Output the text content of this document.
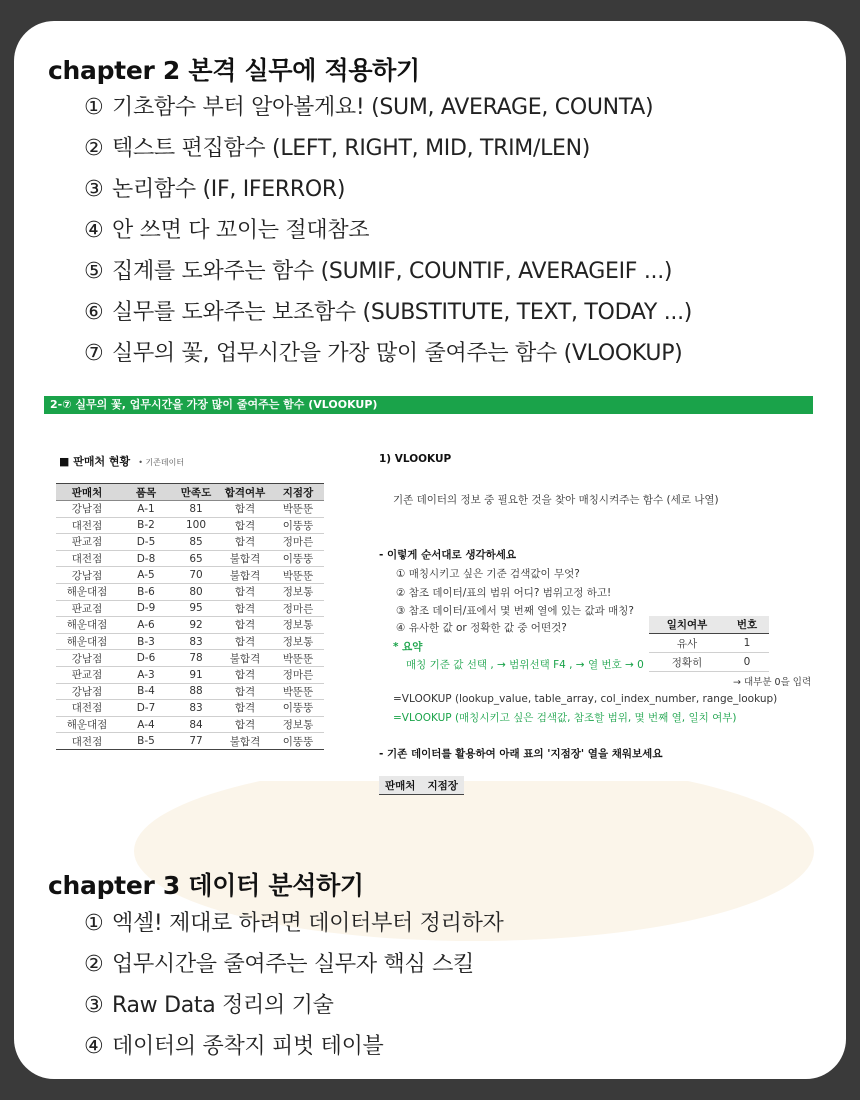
chapter 2 본격 실무에 적용하기
① 기초함수 부터 알아볼게요! (SUM, AVERAGE, COUNTA)
② 텍스트 편집함수 (LEFT, RIGHT, MID, TRIM/LEN)
③ 논리함수 (IF, IFERROR)
④ 안 쓰면 다 꼬이는 절대참조
⑤ 집계를 도와주는 함수 (SUMIF, COUNTIF, AVERAGEIF ...)
⑥ 실무를 도와주는 보조함수 (SUBSTITUTE, TEXT, TODAY ...)
⑦ 실무의 꽃, 업무시간을 가장 많이 줄여주는 함수 (VLOOKUP)
2-⑦ 실무의 꽃, 업무시간을 가장 많이 줄여주는 함수 (VLOOKUP)
■ 판매처 현황 • 기존데이터
판매처	품목	만족도	합격여부	지점장
강남점	A-1	81	합격	박뚠뚠
대전점	B-2	100	합격	이뚱뚱
판교점	D-5	85	합격	정마른
대전점	D-8	65	불합격	이뚱뚱
강남점	A-5	70	불합격	박뚠뚠
해운대점	B-6	80	합격	정보통
판교점	D-9	95	합격	정마른
해운대점	A-6	92	합격	정보통
해운대점	B-3	83	합격	정보통
강남점	D-6	78	불합격	박뚠뚠
판교점	A-3	91	합격	정마른
강남점	B-4	88	합격	박뚠뚠
대전점	D-7	83	합격	이뚱뚱
해운대점	A-4	84	합격	정보통
대전점	B-5	77	불합격	이뚱뚱
1) VLOOKUP
기존 데이터의 정보 중 필요한 것을 찾아 매칭시켜주는 함수 (세로 나열)
- 이렇게 순서대로 생각하세요
① 매칭시키고 싶은 기준 검색값이 무엇?
② 참조 데이터/표의 범위 어디? 범위고정 하고!
③ 참조 데이터/표에서 몇 번째 열에 있는 값과 매칭?
④ 유사한 값 or 정확한 값 중 어떤것?
* 요약
매칭 기준 값 선택 , → 범위선택 F4 , → 열 번호 → 0
일치여부	번호
유사	1
정확히	0
→ 대부분 0을 입력
=VLOOKUP (lookup_value, table_array, col_index_number, range_lookup)
=VLOOKUP (매칭시키고 싶은 검색값, 참조할 범위, 몇 번째 열, 일치 여부)
- 기존 데이터를 활용하여 아래 표의 '지점장' 열을 채워보세요
판매처	지점장
chapter 3 데이터 분석하기
① 엑셀! 제대로 하려면 데이터부터 정리하자
② 업무시간을 줄여주는 실무자 핵심 스킬
③ Raw Data 정리의 기술
④ 데이터의 종착지 피벗 테이블
